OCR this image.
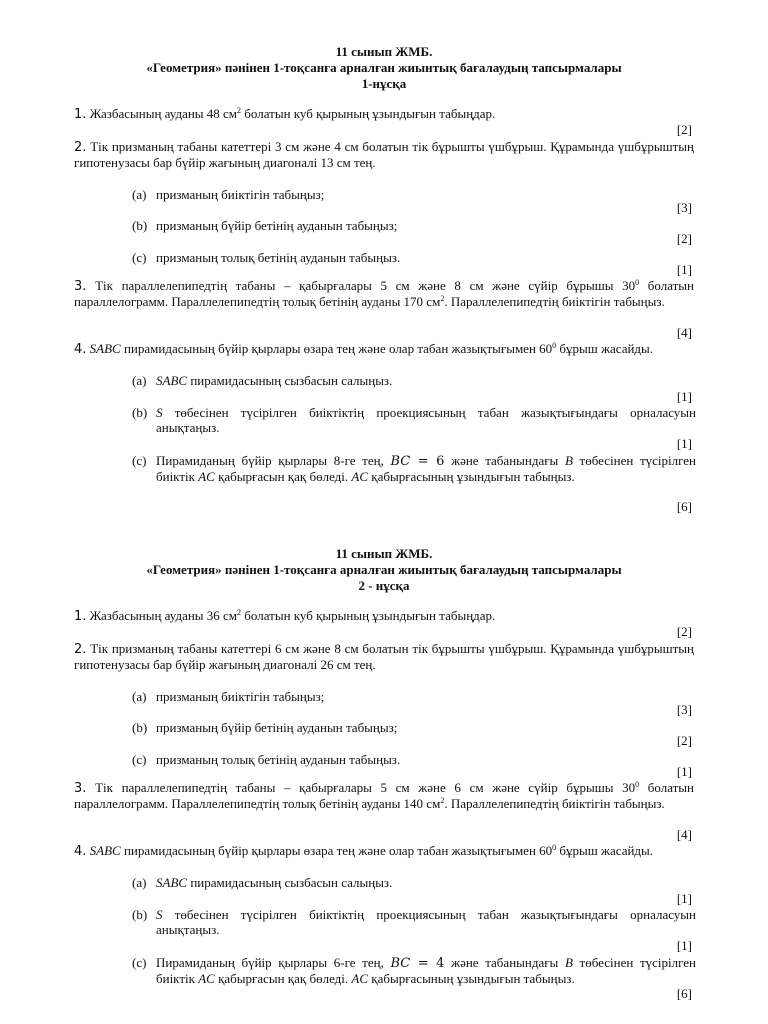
11 сынып ЖМБ.
«Геометрия» пәнінен 1-тоқсанға арналған жиынтық бағалаудың тапсырмалары
1-нұсқа
1. Жазбасының ауданы 48 $см^2$ болатын куб қырының ұзындығын табыңдар.
[2]
2. Тік призманың табаны катеттері 3 см және 4 см болатын тік бұрышты үшбұрыш. Құрамында үшбұрыштың гипотенузасы бар бүйір жағының диагоналі 13 см тең.
(a) призманың биіктігін табыңыз;
[3]
(b) призманың бүйір бетінің ауданын табыңыз;
[2]
(c) призманың толық бетінің ауданын табыңыз.
[1]
3. Тік параллелепипедтің табаны – қабырғалары 5 см және 8 см және сүйір бұрышы $30^0$ болатын параллелограмм. Параллелепипедтің толық бетінің ауданы 170 $см^2$. Параллелепипедтің биіктігін табыңыз.
[4]
4. SABC пирамидасының бүйір қырлары өзара тең және олар табан жазықтығымен $60^0$ бұрыш жасайды.
(a) SABC пирамидасының сызбасын салыңыз.
[1]
(b) S төбесінен түсірілген биіктіктің проекциясының табан жазықтығындағы орналасуын анықтаңыз.
[1]
(c) Пирамиданың бүйір қырлары 8-ге тең, BC = 6 және табанындағы B төбесінен түсірілген биіктік AC қабырғасын қақ бөледі. AC қабырғасының ұзындығын табыңыз.
[6]
11 сынып ЖМБ.
«Геометрия» пәнінен 1-тоқсанға арналған жиынтық бағалаудың тапсырмалары
2 - нұсқа
1. Жазбасының ауданы 36 $см^2$ болатын куб қырының ұзындығын табыңдар.
[2]
2. Тік призманың табаны катеттері 6 см және 8 см болатын тік бұрышты үшбұрыш. Құрамында үшбұрыштың гипотенузасы бар бүйір жағының диагоналі 26 см тең.
(a) призманың биіктігін табыңыз;
[3]
(b) призманың бүйір бетінің ауданын табыңыз;
[2]
(c) призманың толық бетінің ауданын табыңыз.
[1]
3. Тік параллелепипедтің табаны – қабырғалары 5 см және 6 см және сүйір бұрышы $30^0$ болатын параллелограмм. Параллелепипедтің толық бетінің ауданы 140 $см^2$. Параллелепипедтің биіктігін табыңыз.
[4]
4. SABC пирамидасының бүйір қырлары өзара тең және олар табан жазықтығымен $60^0$ бұрыш жасайды.
(a) SABC пирамидасының сызбасын салыңыз.
[1]
(b) S төбесінен түсірілген биіктіктің проекциясының табан жазықтығындағы орналасуын анықтаңыз.
[1]
(c) Пирамиданың бүйір қырлары 6-ге тең, BC = 4 және табанындағы B төбесінен түсірілген биіктік AC қабырғасын қақ бөледі. AC қабырғасының ұзындығын табыңыз.
[6]
